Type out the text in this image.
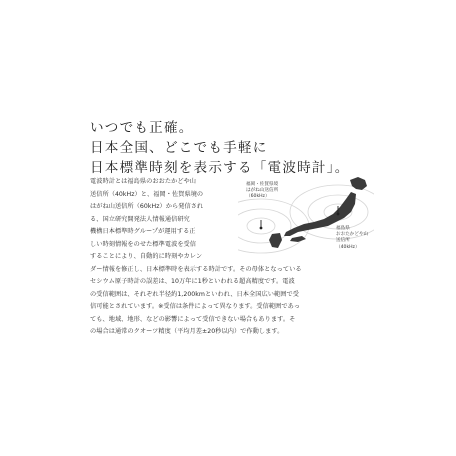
いつでも正確。
日本全国、どこでも手軽に
日本標準時刻を表示する「電波時計」。
電波時計とは福島県のおおたかどや山
送信所（40kHz）と、福岡・佐賀県境の
はがね山送信所（60kHz）から発信され
る、国立研究開発法人情報通信研究
機構日本標準時グループが運用する正
しい時刻情報をのせた標準電波を受信
することにより、自動的に時刻やカレン
ダー情報を修正し、日本標準時を表示する時計です。その母体となっている
セシウム原子時計の誤差は、10万年に1秒といわれる超高精度です。電波
の受信範囲は、それぞれ半径約1,200kmといわれ、日本全国広い範囲で受
信可能とされています。※受信は条件によって異なります。受信範囲であっ
ても、地域、地形、などの影響によって受信できない場合もあります。そ
の場合は通常のクオーツ精度（平均月差±20秒以内）で作動します。
福岡・佐賀県境
はがね山送信所
（60kHz）
福島県
おおたかどや山
送信所
（40kHz）
